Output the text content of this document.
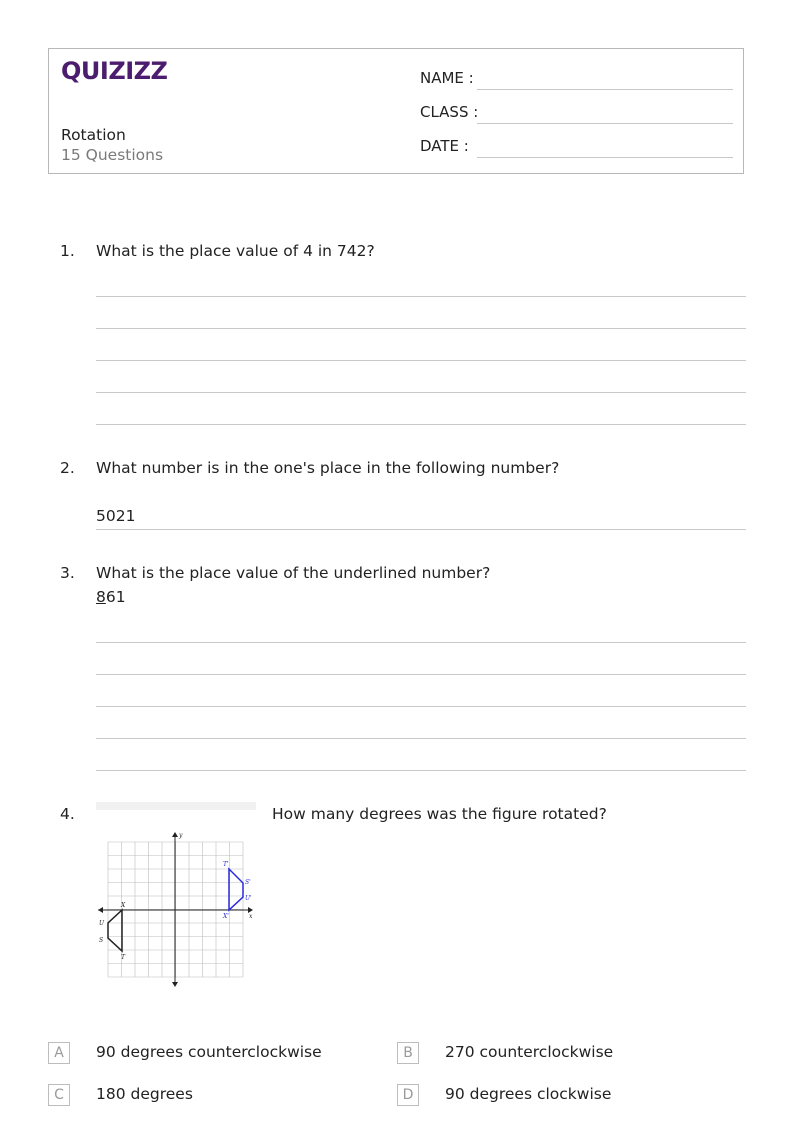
QUIZIZZ
Rotation
15 Questions
NAME :
CLASS :
DATE :
1. What is the place value of 4 in 742?
2. What number is in the one's place in the following number?
5021
3. What is the place value of the underlined number?
861
4.	How many degrees was the figure rotated?
x
y
X
U
S
T
T'
S'
U'
X'
A	90 degrees counterclockwise	B	270 counterclockwise
C	180 degrees	D	90 degrees clockwise
